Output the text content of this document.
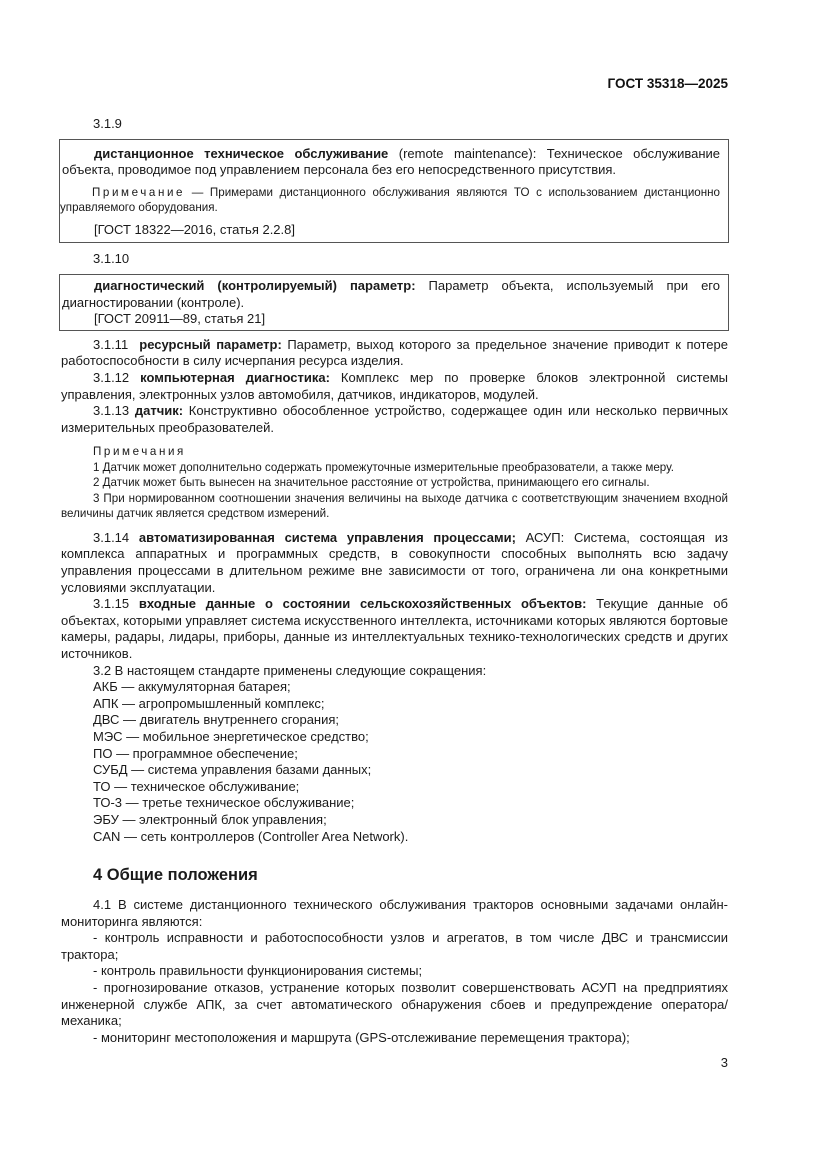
ГОСТ 35318—2025

3.1.9

дистанционное техническое обслуживание (remote maintenance): Техническое обслуживание объекта, проводимое под управлением персонала без его непосредственного присутствия.

Примечание — Примерами дистанционного обслуживания являются ТО с использованием дистанционно управляемого оборудования.

[ГОСТ 18322—2016, статья 2.2.8]

3.1.10

диагностический (контролируемый) параметр: Параметр объекта, используемый при его диагностировании (контроле).

[ГОСТ 20911—89, статья 21]

3.1.11 ресурсный параметр: Параметр, выход которого за предельное значение приводит к потере работоспособности в силу исчерпания ресурса изделия.

3.1.12 компьютерная диагностика: Комплекс мер по проверке блоков электронной системы управления, электронных узлов автомобиля, датчиков, индикаторов, модулей.

3.1.13 датчик: Конструктивно обособленное устройство, содержащее один или несколько первичных измерительных преобразователей.

Примечания

1 Датчик может дополнительно содержать промежуточные измерительные преобразователи, а также меру.

2 Датчик может быть вынесен на значительное расстояние от устройства, принимающего его сигналы.

3 При нормированном соотношении значения величины на выходе датчика с соответствующим значением входной величины датчик является средством измерений.

3.1.14 автоматизированная система управления процессами; АСУП: Система, состоящая из комплекса аппаратных и программных средств, в совокупности способных выполнять всю задачу управления процессами в длительном режиме вне зависимости от того, ограничена ли она конкретными условиями эксплуатации.

3.1.15 входные данные о состоянии сельскохозяйственных объектов: Текущие данные об объектах, которыми управляет система искусственного интеллекта, источниками которых являются бортовые камеры, радары, лидары, приборы, данные из интеллектуальных технико-технологических средств и других источников.

3.2 В настоящем стандарте применены следующие сокращения:

АКБ — аккумуляторная батарея;

АПК — агропромышленный комплекс;

ДВС — двигатель внутреннего сгорания;

МЭС — мобильное энергетическое средство;

ПО — программное обеспечение;

СУБД — система управления базами данных;

ТО — техническое обслуживание;

ТО-3 — третье техническое обслуживание;

ЭБУ — электронный блок управления;

CAN — сеть контроллеров (Controller Area Network).

4 Общие положения

4.1 В системе дистанционного технического обслуживания тракторов основными задачами онлайн-мониторинга являются:

- контроль исправности и работоспособности узлов и агрегатов, в том числе ДВС и трансмиссии трактора;

- контроль правильности функционирования системы;

- прогнозирование отказов, устранение которых позволит совершенствовать АСУП на предприятиях инженерной службе АПК, за счет автоматического обнаружения сбоев и предупреждение оператора/механика;

- мониторинг местоположения и маршрута (GPS-отслеживание перемещения трактора);

3
